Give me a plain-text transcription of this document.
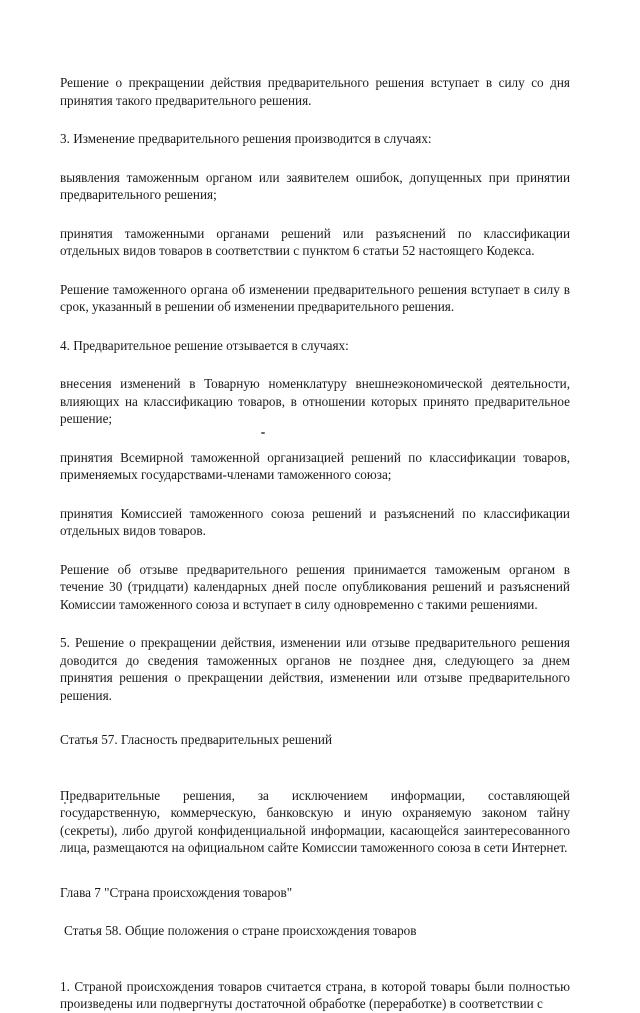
Решение о прекращении действия предварительного решения вступает в силу со дня принятия такого предварительного решения.

3. Изменение предварительного решения производится в случаях:

выявления таможенным органом или заявителем ошибок, допущенных при принятии предварительного решения;

принятия таможенными органами решений или разъяснений по классификации отдельных видов товаров в соответствии с пунктом 6 статьи 52 настоящего Кодекса.

Решение таможенного органа об изменении предварительного решения вступает в силу в срок, указанный в решении об изменении предварительного решения.

4. Предварительное решение отзывается в случаях:

внесения изменений в Товарную номенклатуру внешнеэкономической деятельности, влияющих на классификацию товаров, в отношении которых принято предварительное решение;

принятия Всемирной таможенной организацией решений по классификации товаров, применяемых государствами-членами таможенного союза;

принятия Комиссией таможенного союза решений и разъяснений по классификации отдельных видов товаров.

Решение об отзыве предварительного решения принимается таможеным органом в течение 30 (тридцати) календарных дней после опубликования решений и разъяснений Комиссии таможенного союза и вступает в силу одновременно с такими решениями.

5. Решение о прекращении действия, изменении или отзыве предварительного решения доводится до сведения таможенных органов не позднее дня, следующего за днем принятия решения о прекращении действия, изменении или отзыве предварительного решения.

Статья 57. Гласность предварительных решений

Предварительные решения, за исключением информации, составляющей государственную, коммерческую, банковскую и иную охраняемую законом тайну (секреты), либо другой конфиденциальной информации, касающейся заинтересованного лица, размещаются на официальном сайте Комиссии таможенного союза в сети Интернет.

Глава 7 "Страна происхождения товаров"

Статья 58. Общие положения о стране происхождения товаров

1. Страной происхождения товаров считается страна, в которой товары были полностью произведены или подвергнуты достаточной обработке (переработке) в соответствии с
